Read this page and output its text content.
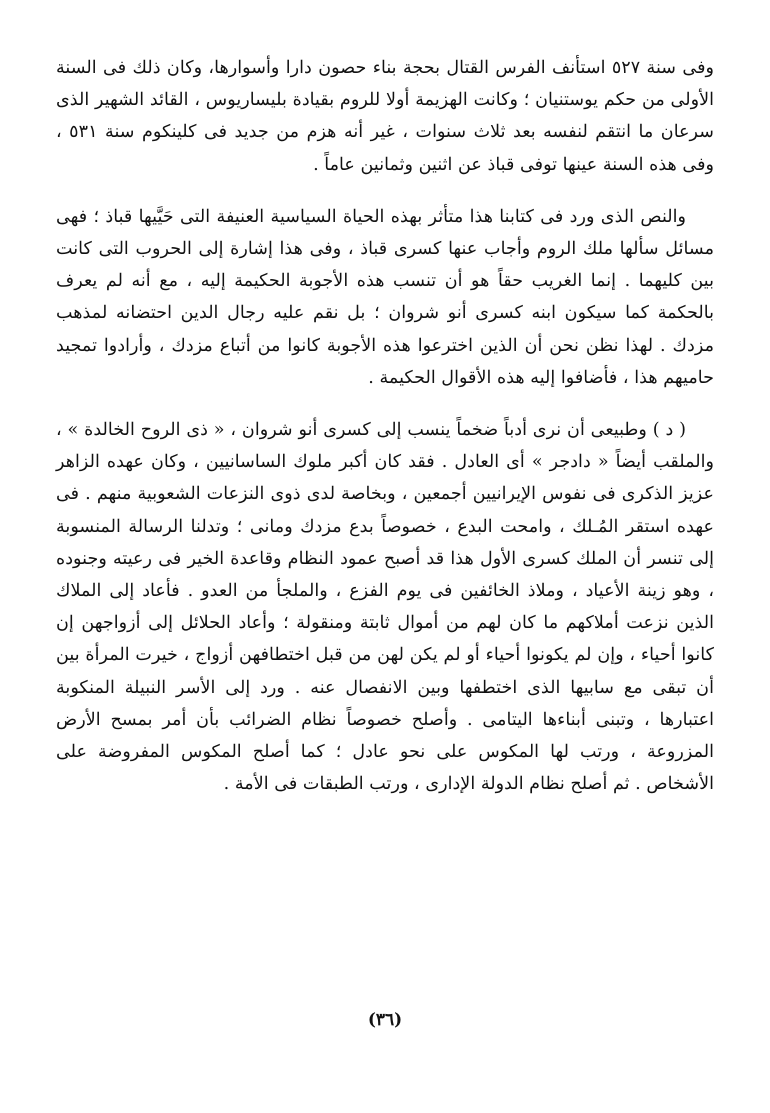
وفى سنة ٥٢٧ استأنف الفرس القتال بحجة بناء حصون دارا وأسوارها، وكان ذلك فى السنة الأولى من حكم يوستنيان ؛ وكانت الهزيمة أولا للروم بقيادة بليساريوس ، القائد الشهير الذى سرعان ما انتقم لنفسه بعد ثلاث سنوات ، غير أنه هزم من جديد فى كلينكوم سنة ٥٣١ ، وفى هذه السنة عينها توفى قباذ عن اثنين وثمانين عاماً .

والنص الذى ورد فى كتابنا هذا متأثر بهذه الحياة السياسية العنيفة التى حَيَّيها قباذ ؛ فهى مسائل سألها ملك الروم وأجاب عنها كسرى قباذ ، وفى هذا إشارة إلى الحروب التى كانت بين كليهما . إنما الغريب حقاً هو أن تنسب هذه الأجوبة الحكيمة إليه ، مع أنه لم يعرف بالحكمة كما سيكون ابنه كسرى أنو شروان ؛ بل نقم عليه رجال الدين احتضانه لمذهب مزدك . لهذا نظن نحن أن الذين اخترعوا هذه الأجوبة كانوا من أتباع مزدك ، وأرادوا تمجيد حاميهم هذا ، فأضافوا إليه هذه الأقوال الحكيمة .

( د ) وطبيعى أن نرى أدباً ضخماً ينسب إلى كسرى أنو شروان ، « ذى الروح الخالدة » ، والملقب أيضاً « دادجر » أى العادل . فقد كان أكبر ملوك الساسانيين ، وكان عهده الزاهر عزيز الذكرى فى نفوس الإيرانيين أجمعين ، وبخاصة لدى ذوى النزعات الشعوبية منهم . فى عهده استقر المُـلك ، وامحت البدع ، خصوصاً بدع مزدك ومانى ؛ وتدلنا الرسالة المنسوبة إلى تنسر أن الملك كسرى الأول هذا قد أصبح عمود النظام وقاعدة الخير فى رعيته وجنوده ، وهو زينة الأعياد ، وملاذ الخائفين فى يوم الفزع ، والملجأ من العدو . فأعاد إلى الملاك الذين نزعت أملاكهم ما كان لهم من أموال ثابتة ومنقولة ؛ وأعاد الحلائل إلى أزواجهن إن كانوا أحياء ، وإن لم يكونوا أحياء أو لم يكن لهن من قبل اختطافهن أزواج ، خيرت المرأة بين أن تبقى مع سابيها الذى اختطفها وبين الانفصال عنه . ورد إلى الأسر النبيلة المنكوبة اعتبارها ، وتبنى أبناءها اليتامى . وأصلح خصوصاً نظام الضرائب بأن أمر بمسح الأرض المزروعة ، ورتب لها المكوس على نحو عادل ؛ كما أصلح المكوس المفروضة على الأشخاص . ثم أصلح نظام الدولة الإدارى ، ورتب الطبقات فى الأمة .

(٣٦)
